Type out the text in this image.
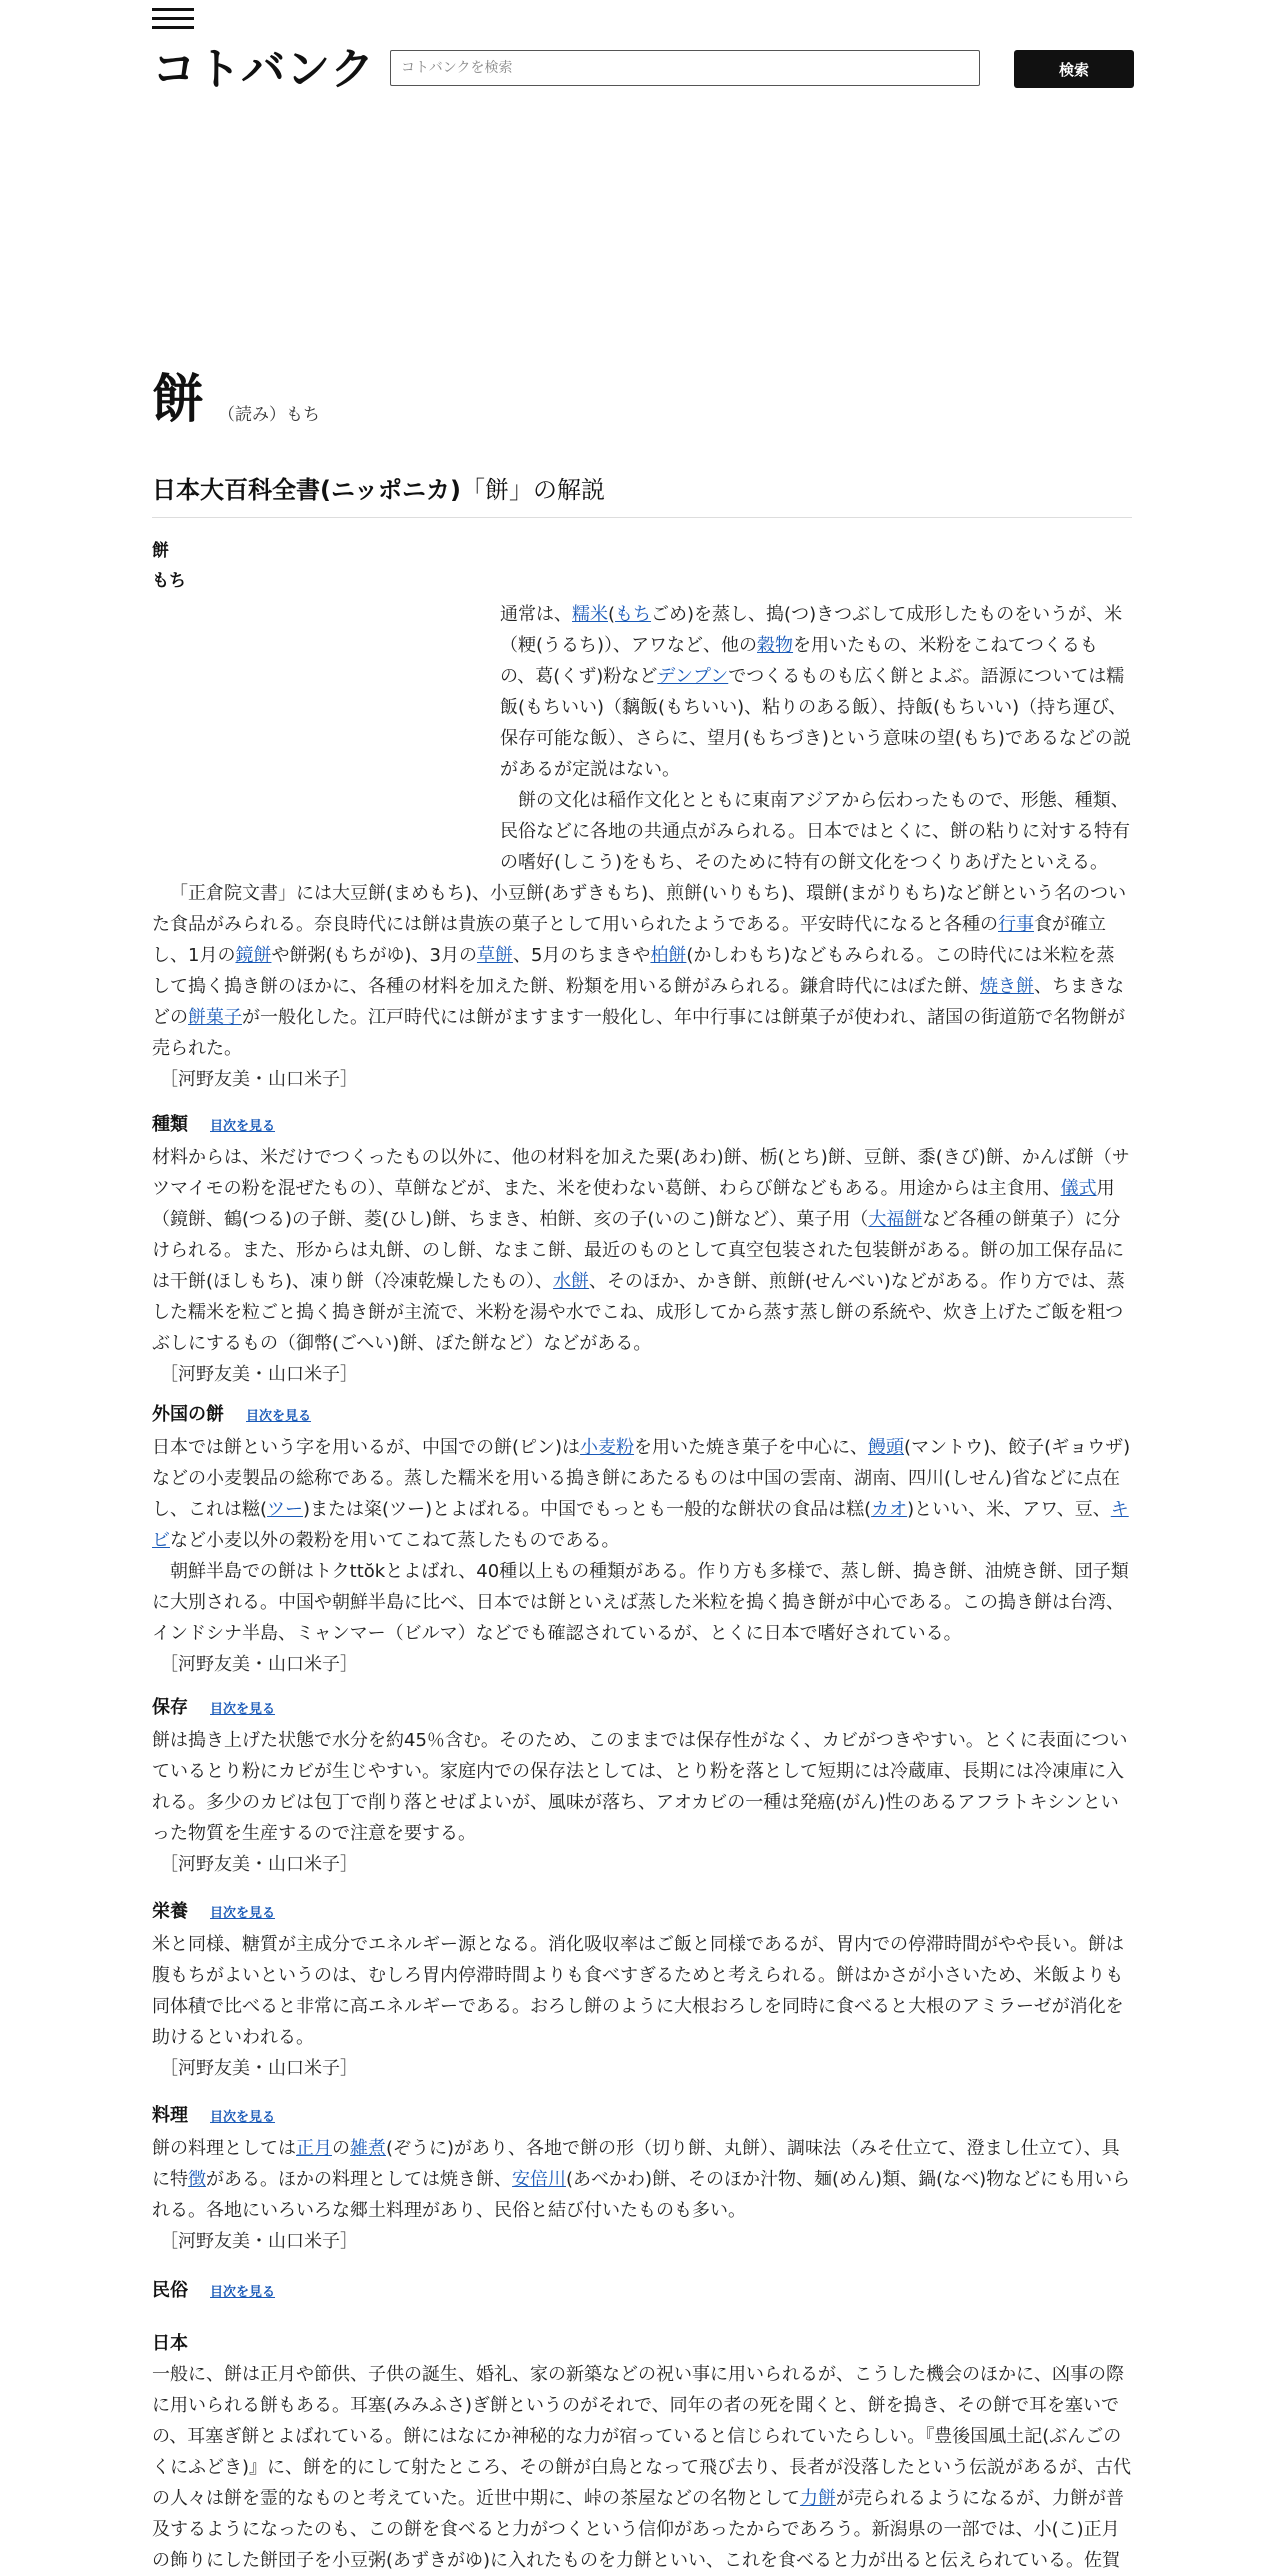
コトバンク
コトバンクを検索	検索
餅 （読み）もち
日本大百科全書(ニッポニカ)「餅」の解説
餅
もち

通常は、糯米(もちごめ)を蒸し、搗(つ)きつぶして成形したものをいうが、米（粳(うるち)）、アワなど、他の穀物を用いたもの、米粉をこねてつくるもの、葛(くず)粉などデンプンでつくるものも広く餅とよぶ。語源については糯飯(もちいい)（黐飯(もちいい)、粘りのある飯）、持飯(もちいい)（持ち運び、保存可能な飯）、さらに、望月(もちづき)という意味の望(もち)であるなどの説があるが定説はない。

餅の文化は稲作文化とともに東南アジアから伝わったもので、形態、種類、民俗などに各地の共通点がみられる。日本ではとくに、餅の粘りに対する特有の嗜好(しこう)をもち、そのために特有の餅文化をつくりあげたといえる。

「正倉院文書」には大豆餅(まめもち)、小豆餅(あずきもち)、煎餅(いりもち)、環餅(まがりもち)など餅という名のついた食品がみられる。奈良時代には餅は貴族の菓子として用いられたようである。平安時代になると各種の行事食が確立し、1月の鏡餅や餅粥(もちがゆ)、3月の草餅、5月のちまきや柏餅(かしわもち)などもみられる。この時代には米粒を蒸して搗く搗き餅のほかに、各種の材料を加えた餅、粉類を用いる餅がみられる。鎌倉時代にはぼた餅、焼き餅、ちまきなどの餅菓子が一般化した。江戸時代には餅がますます一般化し、年中行事には餅菓子が使われ、諸国の街道筋で名物餅が売られた。

［河野友美・山口米子］

種類 目次を見る

材料からは、米だけでつくったもの以外に、他の材料を加えた粟(あわ)餅、栃(とち)餅、豆餅、黍(きび)餅、かんば餅（サツマイモの粉を混ぜたもの）、草餅などが、また、米を使わない葛餅、わらび餅などもある。用途からは主食用、儀式用（鏡餅、鶴(つる)の子餅、菱(ひし)餅、ちまき、柏餅、亥の子(いのこ)餅など）、菓子用（大福餅など各種の餅菓子）に分けられる。また、形からは丸餅、のし餅、なまこ餅、最近のものとして真空包装された包装餅がある。餅の加工保存品には干餅(ほしもち)、凍り餅（冷凍乾燥したもの）、水餅、そのほか、かき餅、煎餅(せんべい)などがある。作り方では、蒸した糯米を粒ごと搗く搗き餅が主流で、米粉を湯や水でこね、成形してから蒸す蒸し餅の系統や、炊き上げたご飯を粗つぶしにするもの（御幣(ごへい)餅、ぼた餅など）などがある。

［河野友美・山口米子］

外国の餅 目次を見る

日本では餅という字を用いるが、中国での餅(ピン)は小麦粉を用いた焼き菓子を中心に、饅頭(マントウ)、餃子(ギョウザ)などの小麦製品の総称である。蒸した糯米を用いる搗き餅にあたるものは中国の雲南、湖南、四川(しせん)省などに点在し、これは糍(ツー)または粢(ツー)とよばれる。中国でもっとも一般的な餅状の食品は糕(カオ)といい、米、アワ、豆、キビなど小麦以外の穀粉を用いてこねて蒸したものである。

朝鮮半島での餅はトクttŏkとよばれ、40種以上もの種類がある。作り方も多様で、蒸し餅、搗き餅、油焼き餅、団子類に大別される。中国や朝鮮半島に比べ、日本では餅といえば蒸した米粒を搗く搗き餅が中心である。この搗き餅は台湾、インドシナ半島、ミャンマー（ビルマ）などでも確認されているが、とくに日本で嗜好されている。

［河野友美・山口米子］

保存 目次を見る

餅は搗き上げた状態で水分を約45％含む。そのため、このままでは保存性がなく、カビがつきやすい。とくに表面についているとり粉にカビが生じやすい。家庭内での保存法としては、とり粉を落として短期には冷蔵庫、長期には冷凍庫に入れる。多少のカビは包丁で削り落とせばよいが、風味が落ち、アオカビの一種は発癌(がん)性のあるアフラトキシンといった物質を生産するので注意を要する。

［河野友美・山口米子］

栄養 目次を見る

米と同様、糖質が主成分でエネルギー源となる。消化吸収率はご飯と同様であるが、胃内での停滞時間がやや長い。餅は腹もちがよいというのは、むしろ胃内停滞時間よりも食べすぎるためと考えられる。餅はかさが小さいため、米飯よりも同体積で比べると非常に高エネルギーである。おろし餅のように大根おろしを同時に食べると大根のアミラーゼが消化を助けるといわれる。

［河野友美・山口米子］

料理 目次を見る

餅の料理としては正月の雑煮(ぞうに)があり、各地で餅の形（切り餅、丸餅）、調味法（みそ仕立て、澄まし仕立て）、具に特徴がある。ほかの料理としては焼き餅、安倍川(あべかわ)餅、そのほか汁物、麺(めん)類、鍋(なべ)物などにも用いられる。各地にいろいろな郷土料理があり、民俗と結び付いたものも多い。

［河野友美・山口米子］

民俗 目次を見る

日本

一般に、餅は正月や節供、子供の誕生、婚礼、家の新築などの祝い事に用いられるが、こうした機会のほかに、凶事の際に用いられる餅もある。耳塞(みみふさ)ぎ餅というのがそれで、同年の者の死を聞くと、餅を搗き、その餅で耳を塞いでの、耳塞ぎ餅とよばれている。餅にはなにか神秘的な力が宿っていると信じられていたらしい。『豊後国風土記(ぶんごのくにふどき)』に、餅を的にして射たところ、その餅が白鳥となって飛び去り、長者が没落したという伝説があるが、古代の人々は餅を霊的なものと考えていた。近世中期に、峠の茶屋などの名物として力餅が売られるようになるが、力餅が普及するようになったのも、この餅を食べると力がつくという信仰があったからであろう。新潟県の一部では、小(こ)正月の飾りにした餅団子を小豆粥(あずきがゆ)に入れたものを力餅といい、これを食べると力が出ると伝えられている。佐賀
